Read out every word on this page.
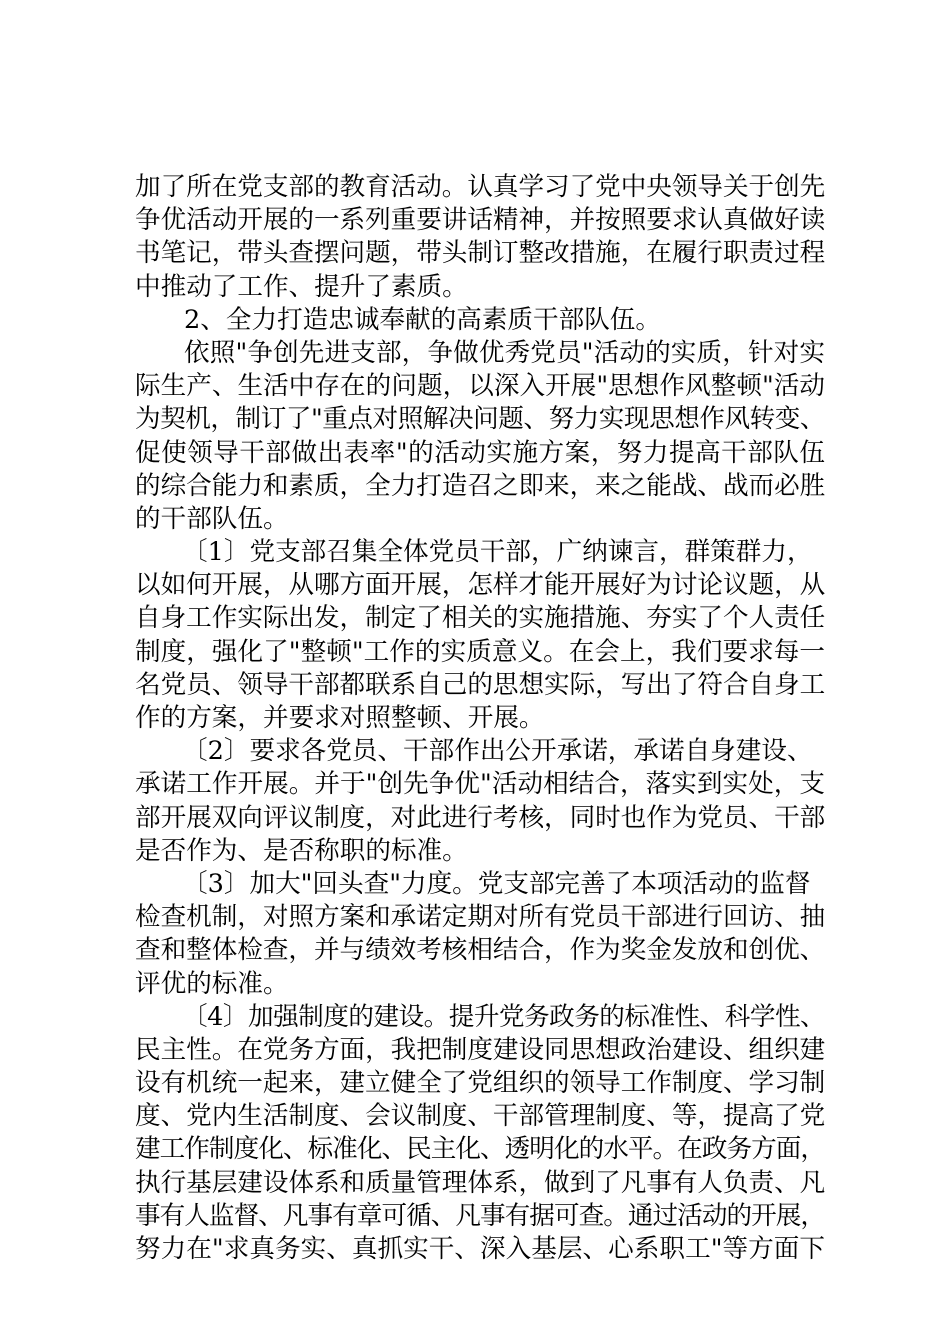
加了所在党支部的教育活动。认真学习了党中央领导关于创先
争优活动开展的一系列重要讲话精神，并按照要求认真做好读
书笔记，带头查摆问题，带头制订整改措施，在履行职责过程
中推动了工作、提升了素质。
2、全力打造忠诚奉献的高素质干部队伍。
依照"争创先进支部，争做优秀党员"活动的实质，针对实
际生产、生活中存在的问题，以深入开展"思想作风整顿"活动
为契机，制订了"重点对照解决问题、努力实现思想作风转变、
促使领导干部做出表率"的活动实施方案，努力提高干部队伍
的综合能力和素质，全力打造召之即来，来之能战、战而必胜
的干部队伍。
〔1〕党支部召集全体党员干部，广纳谏言，群策群力，
以如何开展，从哪方面开展，怎样才能开展好为讨论议题，从
自身工作实际出发，制定了相关的实施措施、夯实了个人责任
制度，强化了"整顿"工作的实质意义。在会上，我们要求每一
名党员、领导干部都联系自己的思想实际，写出了符合自身工
作的方案，并要求对照整顿、开展。
〔2〕要求各党员、干部作出公开承诺，承诺自身建设、
承诺工作开展。并于"创先争优"活动相结合，落实到实处，支
部开展双向评议制度，对此进行考核，同时也作为党员、干部
是否作为、是否称职的标准。
〔3〕加大"回头查"力度。党支部完善了本项活动的监督
检查机制，对照方案和承诺定期对所有党员干部进行回访、抽
查和整体检查，并与绩效考核相结合，作为奖金发放和创优、
评优的标准。
〔4〕加强制度的建设。提升党务政务的标准性、科学性、
民主性。在党务方面，我把制度建设同思想政治建设、组织建
设有机统一起来，建立健全了党组织的领导工作制度、学习制
度、党内生活制度、会议制度、干部管理制度、等，提高了党
建工作制度化、标准化、民主化、透明化的水平。在政务方面，
执行基层建设体系和质量管理体系，做到了凡事有人负责、凡
事有人监督、凡事有章可循、凡事有据可查。通过活动的开展，
努力在"求真务实、真抓实干、深入基层、心系职工"等方面下
